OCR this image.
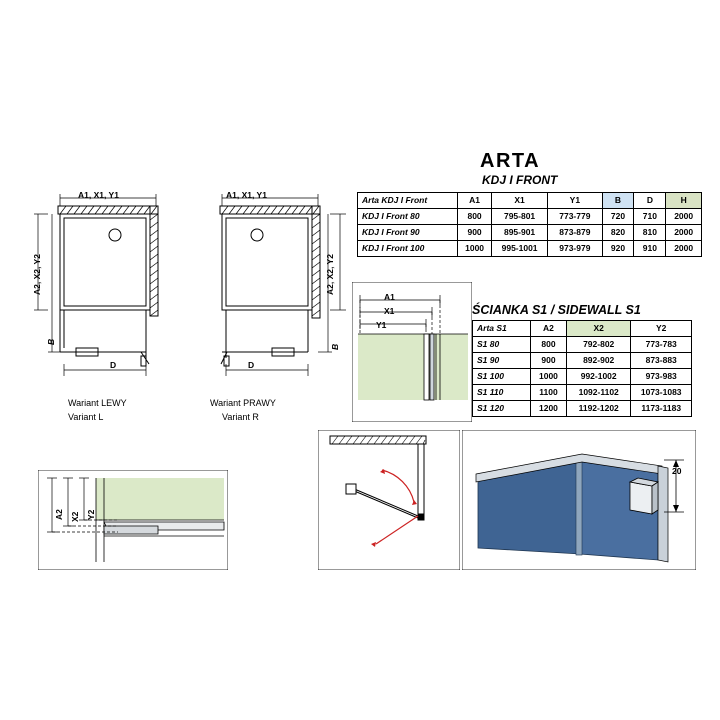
ARTA
KDJ I FRONT
Arta KDJ I Front	A1	X1	Y1	B	D	H
KDJ I Front 80	800	795-801	773-779	720	710	2000
KDJ I Front 90	900	895-901	873-879	820	810	2000
KDJ I Front 100	1000	995-1001	973-979	920	910	2000
ŚCIANKA S1 / SIDEWALL S1
Arta S1	A2	X2	Y2
S1 80	800	792-802	773-783
S1 90	900	892-902	873-883
S1 100	1000	992-1002	973-983
S1 110	1100	1092-1102	1073-1083
S1 120	1200	1192-1202	1173-1183
A1, X1, Y1
A2, X2, Y2
B
D
Wariant LEWY
Variant L
A1, X1, Y1
A2, X2, Y2
B
D
Wariant PRAWY
Variant R
A1
X1
Y1
A2 X2 Y2
20
